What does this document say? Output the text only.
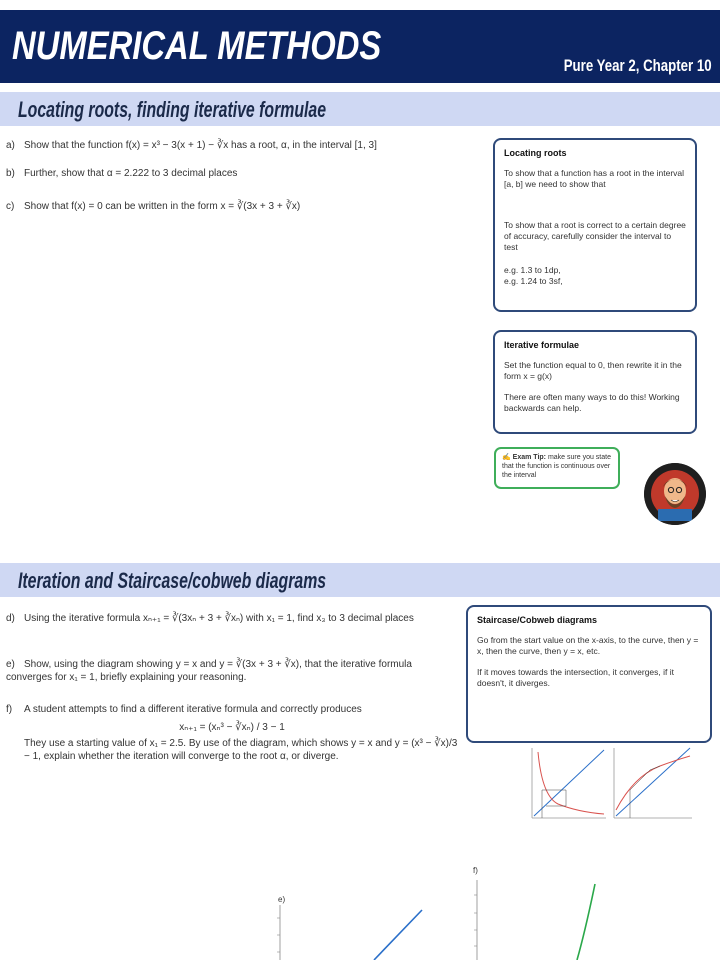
NUMERICAL METHODS	Pure Year 2, Chapter 10
Locating roots, finding iterative formulae
a) Show that the function f(x) = x³ − 3(x + 1) − ∛x has a root, α, in the interval [1, 3]
b) Further, show that α = 2.222 to 3 decimal places
c) Show that f(x) = 0 can be written in the form x = ∛(3x + 3 + ∛x)
Locating roots

To show that a function has a root in the interval [a, b] we need to show that

To show that a root is correct to a certain degree of accuracy, carefully consider the interval to test

e.g. 1.3 to 1dp,
e.g. 1.24 to 3sf,
Iterative formulae

Set the function equal to 0, then rewrite it in the form x = g(x)

There are often many ways to do this! Working backwards can help.

✍ Exam Tip: make sure you state that the function is continuous over the interval
Iteration and Staircase/cobweb diagrams
d) Using the iterative formula xₙ₊₁ = ∛(3xₙ + 3 + ∛xₙ) with x₁ = 1, find x₃ to 3 decimal places
e) Show, using the diagram showing y = x and y = ∛(3x + 3 + ∛x), that the iterative formula converges for x₁ = 1, briefly explaining your reasoning.
f) A student attempts to find a different iterative formula and correctly produces
xₙ₊₁ = (xₙ³ − ∛xₙ) / 3 − 1
They use a starting value of x₁ = 2.5. By use of the diagram, which shows y = x and y = (x³ − ∛x)/3 − 1, explain whether the iteration will converge to the root α, or diverge.
Staircase/Cobweb diagrams

Go from the start value on the x-axis, to the curve, then y = x, then the curve, then y = x, etc.

If it moves towards the intersection, it converges, if it doesn't, it diverges.

e)
f)
